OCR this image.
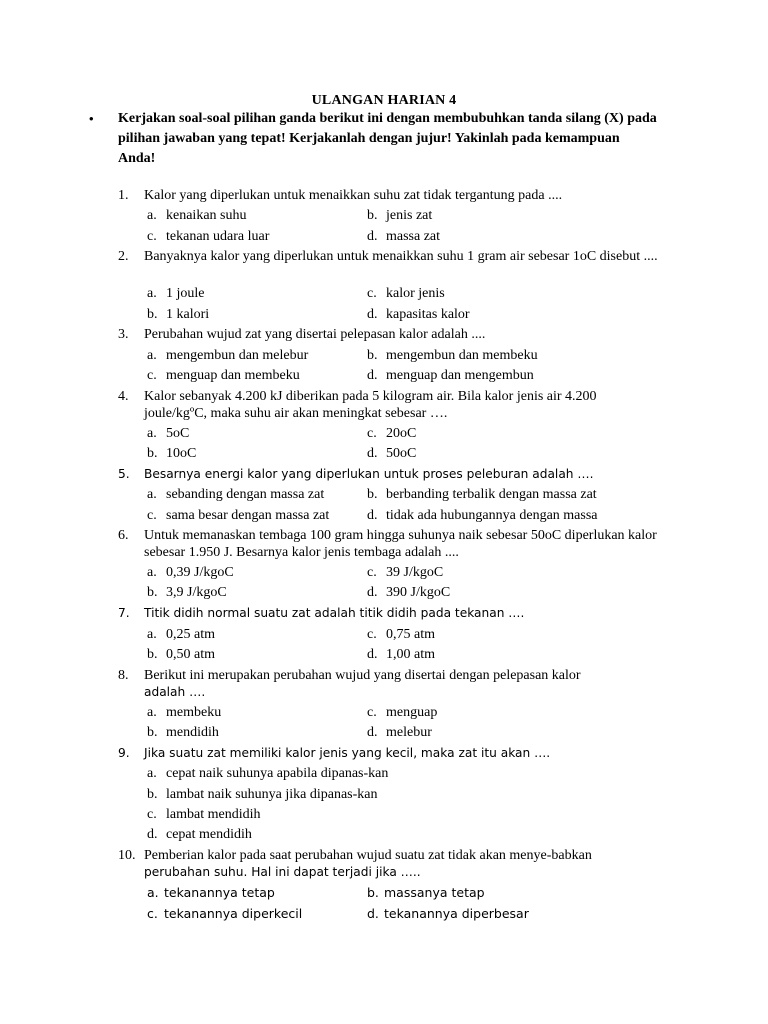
ULANGAN HARIAN 4
• Kerjakan soal-soal pilihan ganda berikut ini dengan membubuhkan tanda silang (X) pada pilihan jawaban yang tepat! Kerjakanlah dengan jujur! Yakinlah pada kemampuan Anda!
1. Kalor yang diperlukan untuk menaikkan suhu zat tidak tergantung pada ....
a. kenaikan suhu	b. jenis zat
c. tekanan udara luar	d. massa zat
2. Banyaknya kalor yang diperlukan untuk menaikkan suhu 1 gram air sebesar 1oC disebut ....
a. 1 joule	c. kalor jenis
b. 1 kalori	d. kapasitas kalor
3. Perubahan wujud zat yang disertai pelepasan kalor adalah ....
a. mengembun dan melebur	b. mengembun dan membeku
c. menguap dan membeku	d. menguap dan mengembun
4. Kalor sebanyak 4.200 kJ diberikan pada 5 kilogram air. Bila kalor jenis air 4.200 joule/kgºC, maka suhu air akan meningkat sebesar ….
a. 5oC	c. 20oC
b. 10oC	d. 50oC
5. Besarnya energi kalor yang diperlukan untuk proses peleburan adalah ….
a. sebanding dengan massa zat	b. berbanding terbalik dengan massa zat
c. sama besar dengan massa zat	d. tidak ada hubungannya dengan massa
6. Untuk memanaskan tembaga 100 gram hingga suhunya naik sebesar 50oC diperlukan kalor sebesar 1.950 J. Besarnya kalor jenis tembaga adalah ....
a. 0,39 J/kgoC	c. 39 J/kgoC
b. 3,9 J/kgoC	d. 390 J/kgoC
7. Titik didih normal suatu zat adalah titik didih pada tekanan ….
a. 0,25 atm	c. 0,75 atm
b. 0,50 atm	d. 1,00 atm
8. Berikut ini merupakan perubahan wujud yang disertai dengan pelepasan kalor
adalah ….
a. membeku	c. menguap
b. mendidih	d. melebur
9. Jika suatu zat memiliki kalor jenis yang kecil, maka zat itu akan ….
a. cepat naik suhunya apabila dipanas-kan
b. lambat naik suhunya jika dipanas-kan
c. lambat mendidih
d. cepat mendidih
10. Pemberian kalor pada saat perubahan wujud suatu zat tidak akan menye-babkan
perubahan suhu. Hal ini dapat terjadi jika …..
a. tekanannya tetap	b. massanya tetap
c. tekanannya diperkecil	d. tekanannya diperbesar
